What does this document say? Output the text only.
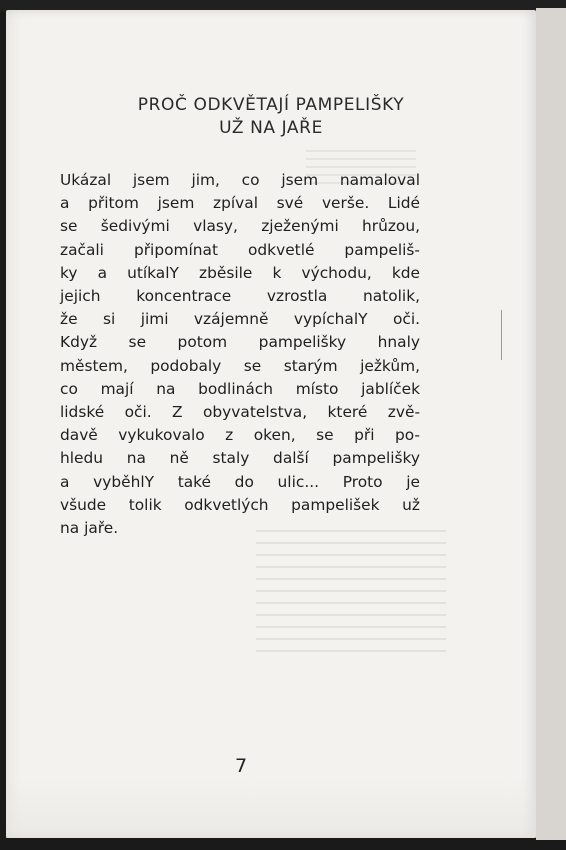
PROČ ODKVĚTAJÍ PAMPELIŠKY
UŽ NA JAŘE
Ukázal jsem jim, co jsem namaloval
a přitom jsem zpíval své verše. Lidé
se šedivými vlasy, zježenými hrůzou,
začali připomínat odkvetlé pampeliš-
ky a utíkalY zběsile k východu, kde
jejich koncentrace vzrostla natolik,
že si jimi vzájemně vypíchalY oči.
Když se potom pampelišky hnaly
městem, podobaly se starým ježkům,
co mají na bodlinách místo jablíček
lidské oči. Z obyvatelstva, které zvě-
davě vykukovalo z oken, se při po-
hledu na ně staly další pampelišky
a vyběhlY také do ulic... Proto je
všude tolik odkvetlých pampelišek už
na jaře.
7
